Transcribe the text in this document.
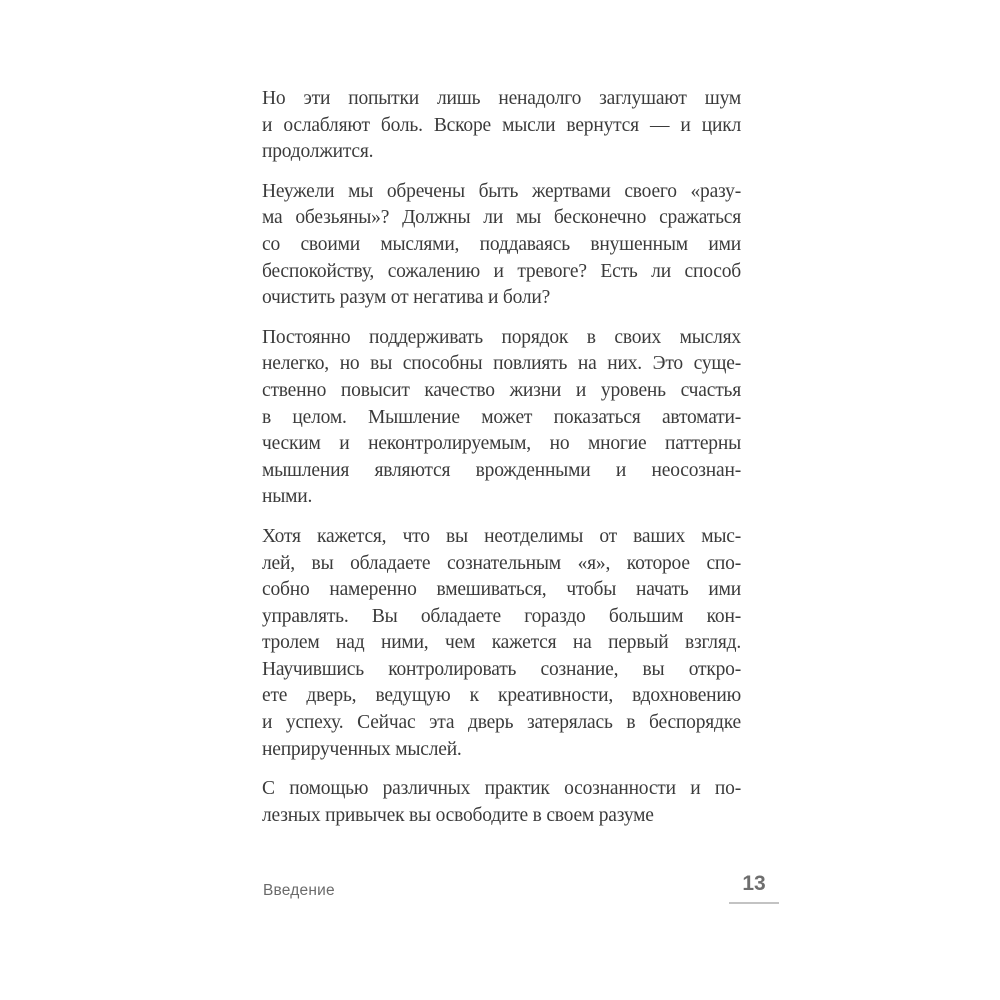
Но эти попытки лишь ненадолго заглушают шум
и ослабляют боль. Вскоре мысли вернутся — и цикл
продолжится.
Неужели мы обречены быть жертвами своего «разу-
ма обезьяны»? Должны ли мы бесконечно сражаться
со своими мыслями, поддаваясь внушенным ими
беспокойству, сожалению и тревоге? Есть ли способ
очистить разум от негатива и боли?
Постоянно поддерживать порядок в своих мыслях
нелегко, но вы способны повлиять на них. Это суще-
ственно повысит качество жизни и уровень счастья
в целом. Мышление может показаться автомати-
ческим и неконтролируемым, но многие паттерны
мышления являются врожденными и неосознан-
ными.
Хотя кажется, что вы неотделимы от ваших мыс-
лей, вы обладаете сознательным «я», которое спо-
собно намеренно вмешиваться, чтобы начать ими
управлять. Вы обладаете гораздо большим кон-
тролем над ними, чем кажется на первый взгляд.
Научившись контролировать сознание, вы откро-
ете дверь, ведущую к креативности, вдохновению
и успеху. Сейчас эта дверь затерялась в беспорядке
неприрученных мыслей.
С помощью различных практик осознанности и по-
лезных привычек вы освободите в своем разуме
Введение	13
